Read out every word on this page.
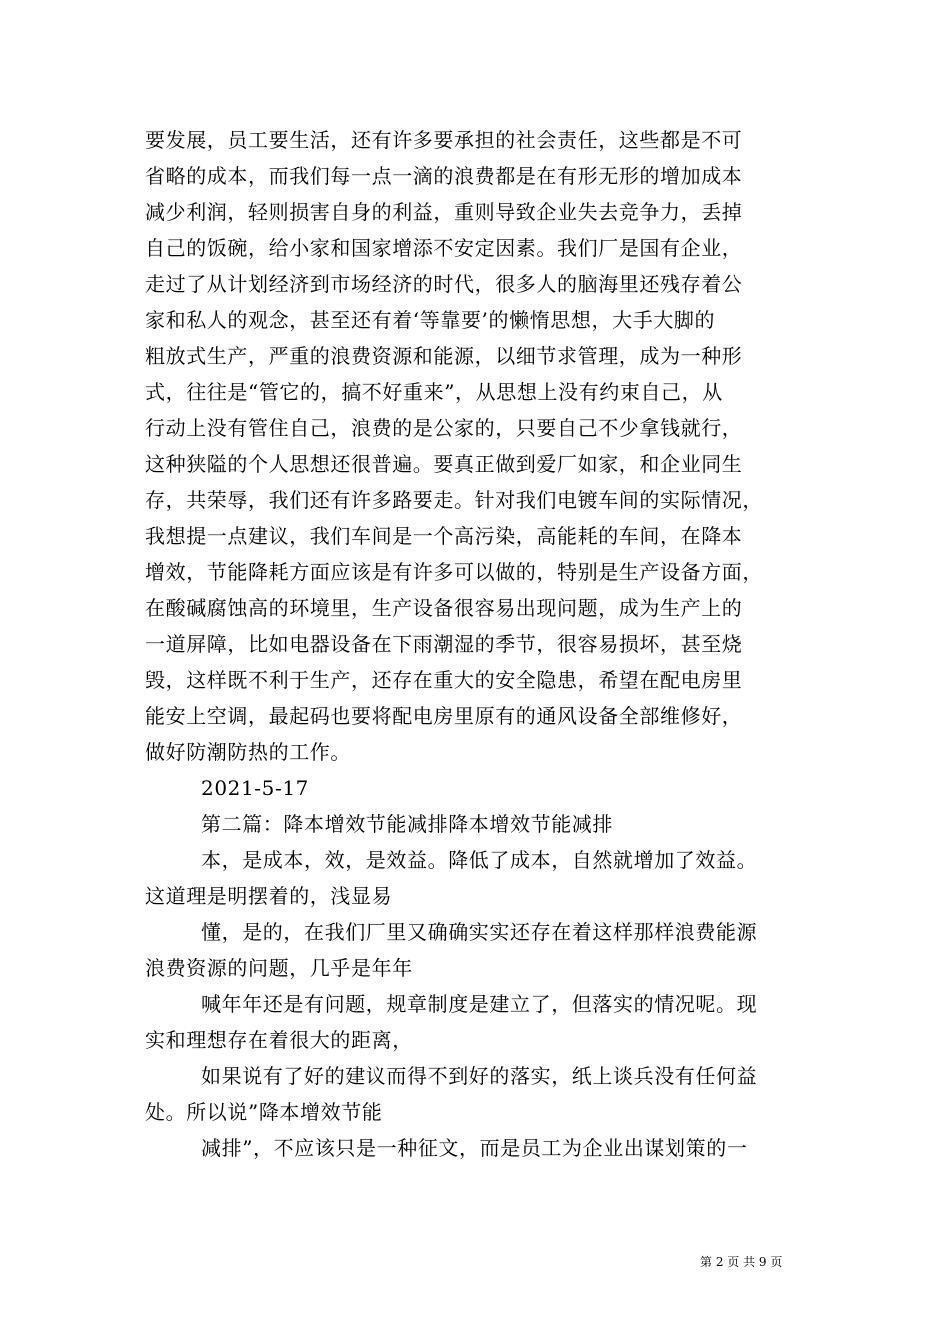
要发展，员工要生活，还有许多要承担的社会责任，这些都是不可
省略的成本，而我们每一点一滴的浪费都是在有形无形的增加成本
减少利润，轻则损害自身的利益，重则导致企业失去竞争力，丢掉
自己的饭碗，给小家和国家增添不安定因素。我们厂是国有企业，
走过了从计划经济到市场经济的时代，很多人的脑海里还残存着公
家和私人的观念，甚至还有着‘等靠要’的懒惰思想，大手大脚的
粗放式生产，严重的浪费资源和能源，以细节求管理，成为一种形
式，往往是“管它的，搞不好重来”，从思想上没有约束自己，从
行动上没有管住自己，浪费的是公家的，只要自己不少拿钱就行，
这种狭隘的个人思想还很普遍。要真正做到爱厂如家，和企业同生
存，共荣辱，我们还有许多路要走。针对我们电镀车间的实际情况，
我想提一点建议，我们车间是一个高污染，高能耗的车间，在降本
增效，节能降耗方面应该是有许多可以做的，特别是生产设备方面，
在酸碱腐蚀高的环境里，生产设备很容易出现问题，成为生产上的
一道屏障，比如电器设备在下雨潮湿的季节，很容易损坏，甚至烧
毁，这样既不利于生产，还存在重大的安全隐患，希望在配电房里
能安上空调，最起码也要将配电房里原有的通风设备全部维修好，
做好防潮防热的工作。
2021-5-17
第二篇：降本增效节能减排降本增效节能减排
本，是成本，效，是效益。降低了成本，自然就增加了效益。
这道理是明摆着的，浅显易
懂，是的，在我们厂里又确确实实还存在着这样那样浪费能源
浪费资源的问题，几乎是年年
喊年年还是有问题，规章制度是建立了，但落实的情况呢。现
实和理想存在着很大的距离，
如果说有了好的建议而得不到好的落实，纸上谈兵没有任何益
处。所以说”降本增效节能
减排”，不应该只是一种征文，而是员工为企业出谋划策的一
第 2 页 共 9 页
